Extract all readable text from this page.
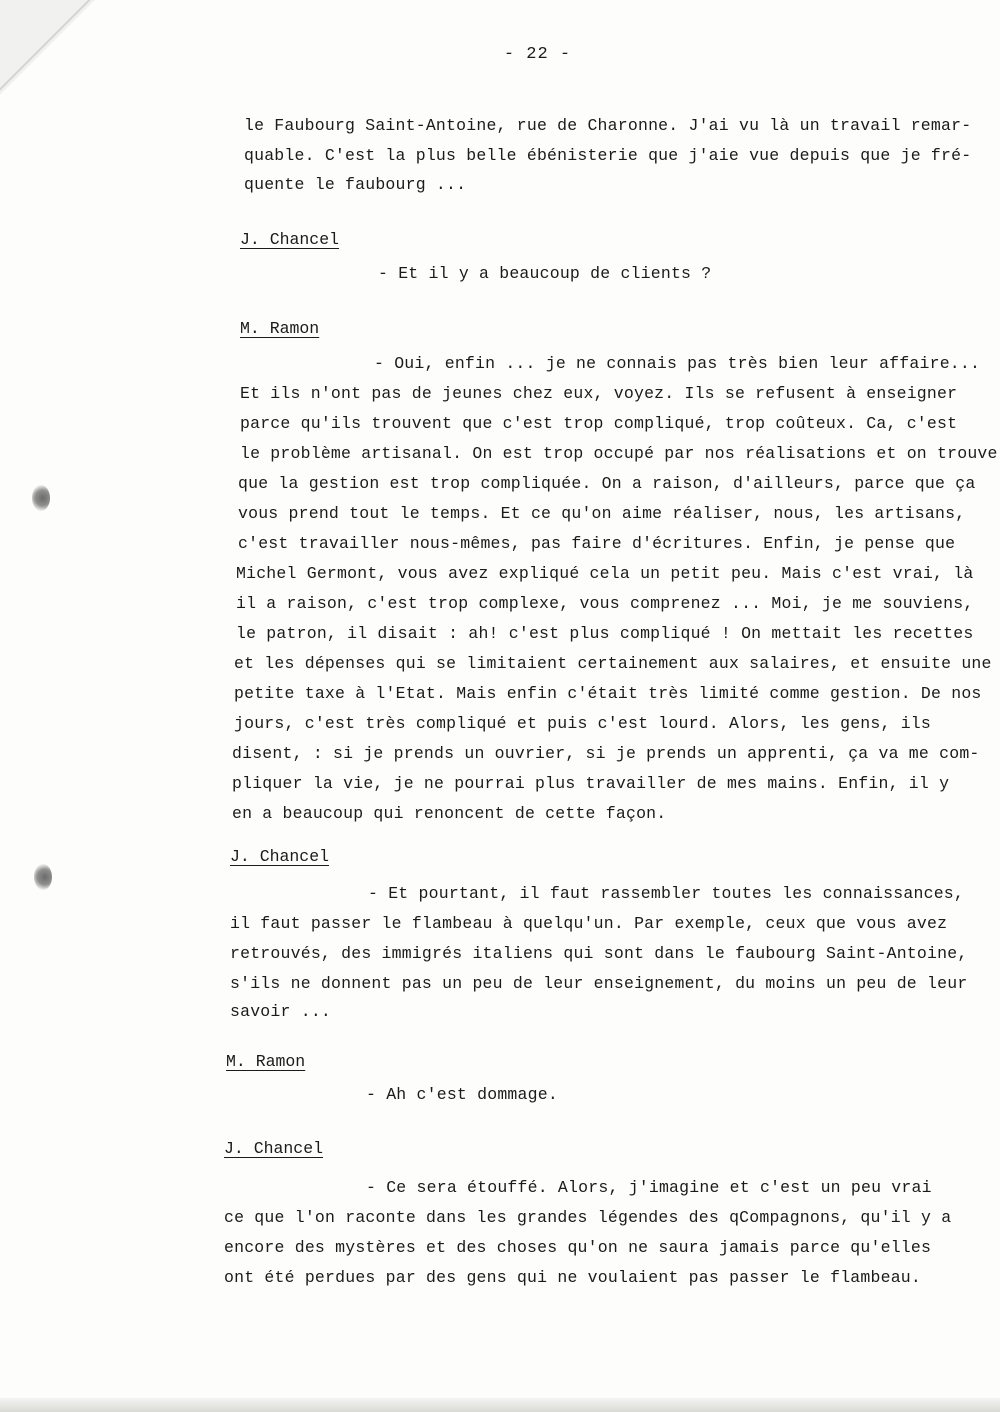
- 22 -
le Faubourg Saint-Antoine, rue de Charonne. J'ai vu là un travail remar-
quable. C'est la plus belle ébénisterie que j'aie vue depuis que je fré-
quente le faubourg ...
J. Chancel
- Et il y a beaucoup de clients ?
M. Ramon
- Oui, enfin ... je ne connais pas très bien leur affaire...
Et ils n'ont pas de jeunes chez eux, voyez. Ils se refusent à enseigner
parce qu'ils trouvent que c'est trop compliqué, trop coûteux. Ca, c'est
le problème artisanal. On est trop occupé par nos réalisations et on trouve
que la gestion est trop compliquée. On a raison, d'ailleurs, parce que ça
vous prend tout le temps. Et ce qu'on aime réaliser, nous, les artisans,
c'est travailler nous-mêmes, pas faire d'écritures. Enfin, je pense que
Michel Germont, vous avez expliqué cela un petit peu. Mais c'est vrai, là
il a raison, c'est trop complexe, vous comprenez ... Moi, je me souviens,
le patron, il disait : ah! c'est plus compliqué ! On mettait les recettes
et les dépenses qui se limitaient certainement aux salaires, et ensuite une
petite taxe à l'Etat. Mais enfin c'était très limité comme gestion. De nos
jours, c'est très compliqué et puis c'est lourd. Alors, les gens, ils
disent, : si je prends un ouvrier, si je prends un apprenti, ça va me com-
pliquer la vie, je ne pourrai plus travailler de mes mains. Enfin, il y
en a beaucoup qui renoncent de cette façon.
J. Chancel
- Et pourtant, il faut rassembler toutes les connaissances,
il faut passer le flambeau à quelqu'un. Par exemple, ceux que vous avez
retrouvés, des immigrés italiens qui sont dans le faubourg Saint-Antoine,
s'ils ne donnent pas un peu de leur enseignement, du moins un peu de leur
savoir ...
M. Ramon
- Ah c'est dommage.
J. Chancel
- Ce sera étouffé. Alors, j'imagine et c'est un peu vrai
ce que l'on raconte dans les grandes légendes des qCompagnons, qu'il y a
encore des mystères et des choses qu'on ne saura jamais parce qu'elles
ont été perdues par des gens qui ne voulaient pas passer le flambeau.
